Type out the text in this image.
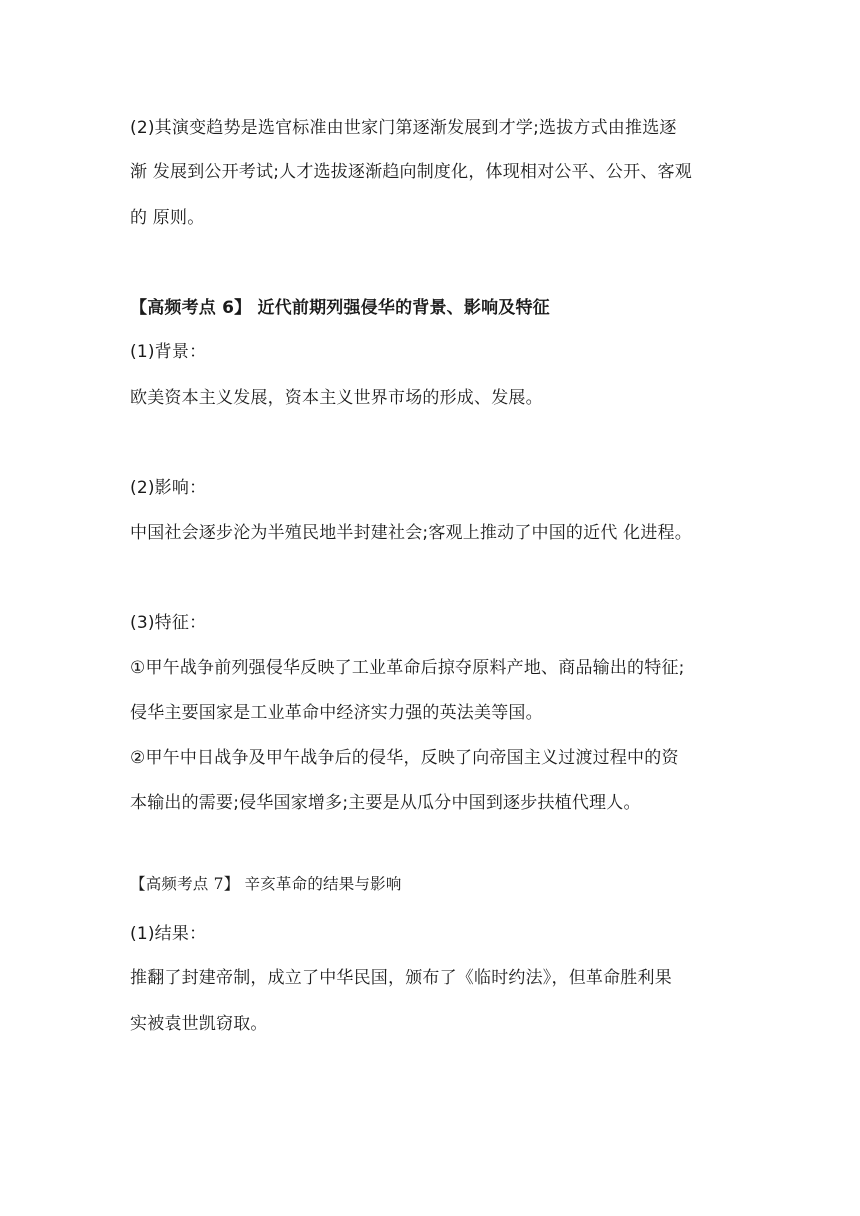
(2)其演变趋势是选官标准由世家门第逐渐发展到才学;选拔方式由推选逐
渐 发展到公开考试;人才选拔逐渐趋向制度化，体现相对公平、公开、客观
的 原则。
【高频考点 6】 近代前期列强侵华的背景、影响及特征
(1)背景：
欧美资本主义发展，资本主义世界市场的形成、发展。
(2)影响：
中国社会逐步沦为半殖民地半封建社会;客观上推动了中国的近代 化进程。
(3)特征：
①甲午战争前列强侵华反映了工业革命后掠夺原料产地、商品输出的特征;
侵华主要国家是工业革命中经济实力强的英法美等国。
②甲午中日战争及甲午战争后的侵华，反映了向帝国主义过渡过程中的资
本输出的需要;侵华国家增多;主要是从瓜分中国到逐步扶植代理人。
【高频考点 7】 辛亥革命的结果与影响
(1)结果：
推翻了封建帝制，成立了中华民国，颁布了《临时约法》，但革命胜利果
实被袁世凯窃取。
